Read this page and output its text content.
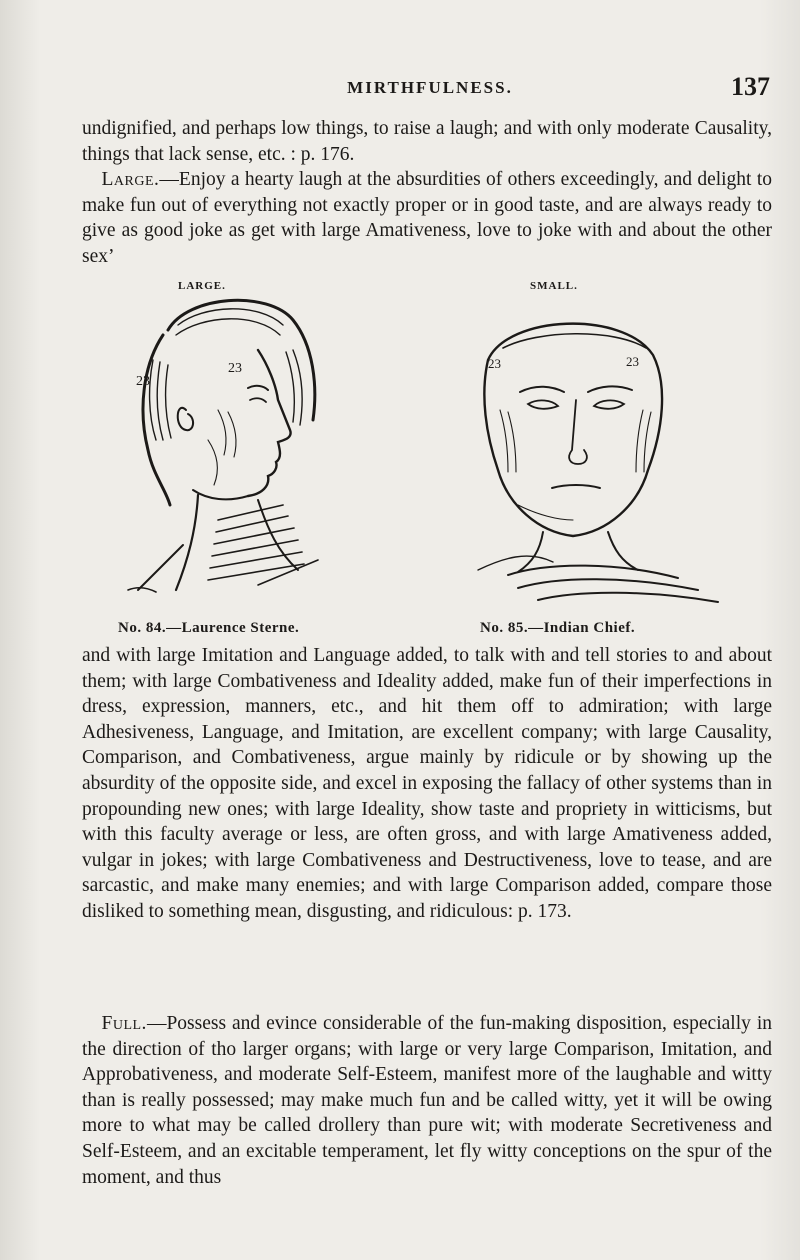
MIRTHFULNESS.	137

undignified, and perhaps low things, to raise a laugh; and with only moderate Causality, things that lack sense, etc. : p. 176.
 Large.—Enjoy a hearty laugh at the absurdities of others exceedingly, and delight to make fun out of everything not exactly proper or in good taste, and are always ready to give as good joke as get with large Amativeness, love to joke with and about the other sex’

LARGE.	SMALL.
23
23	23	23
No. 84.—Laurence Sterne.	No. 85.—Indian Chief.

and with large Imitation and Language added, to talk with and tell stories to and about them; with large Combativeness and Ideality added, make fun of their imperfections in dress, expression, manners, etc., and hit them off to admiration; with large Adhesiveness, Language, and Imitation, are excellent company; with large Causality, Comparison, and Combativeness, argue mainly by ridicule or by showing up the absurdity of the opposite side, and excel in exposing the fallacy of other systems than in propounding new ones; with large Ideality, show taste and propriety in witticisms, but with this faculty average or less, are often gross, and with large Amativeness added, vulgar in jokes; with large Combativeness and Destructiveness, love to tease, and are sarcastic, and make many enemies; and with large Comparison added, compare those disliked to something mean, disgusting, and ridiculous: p. 173.

 Full.—Possess and evince considerable of the fun-making disposition, especially in the direction of tho larger organs; with large or very large Comparison, Imitation, and Approbativeness, and moderate Self-Esteem, manifest more of the laughable and witty than is really possessed; may make much fun and be called witty, yet it will be owing more to what may be called drollery than pure wit; with moderate Secretiveness and Self-Esteem, and an excitable temperament, let fly witty conceptions on the spur of the moment, and thus
